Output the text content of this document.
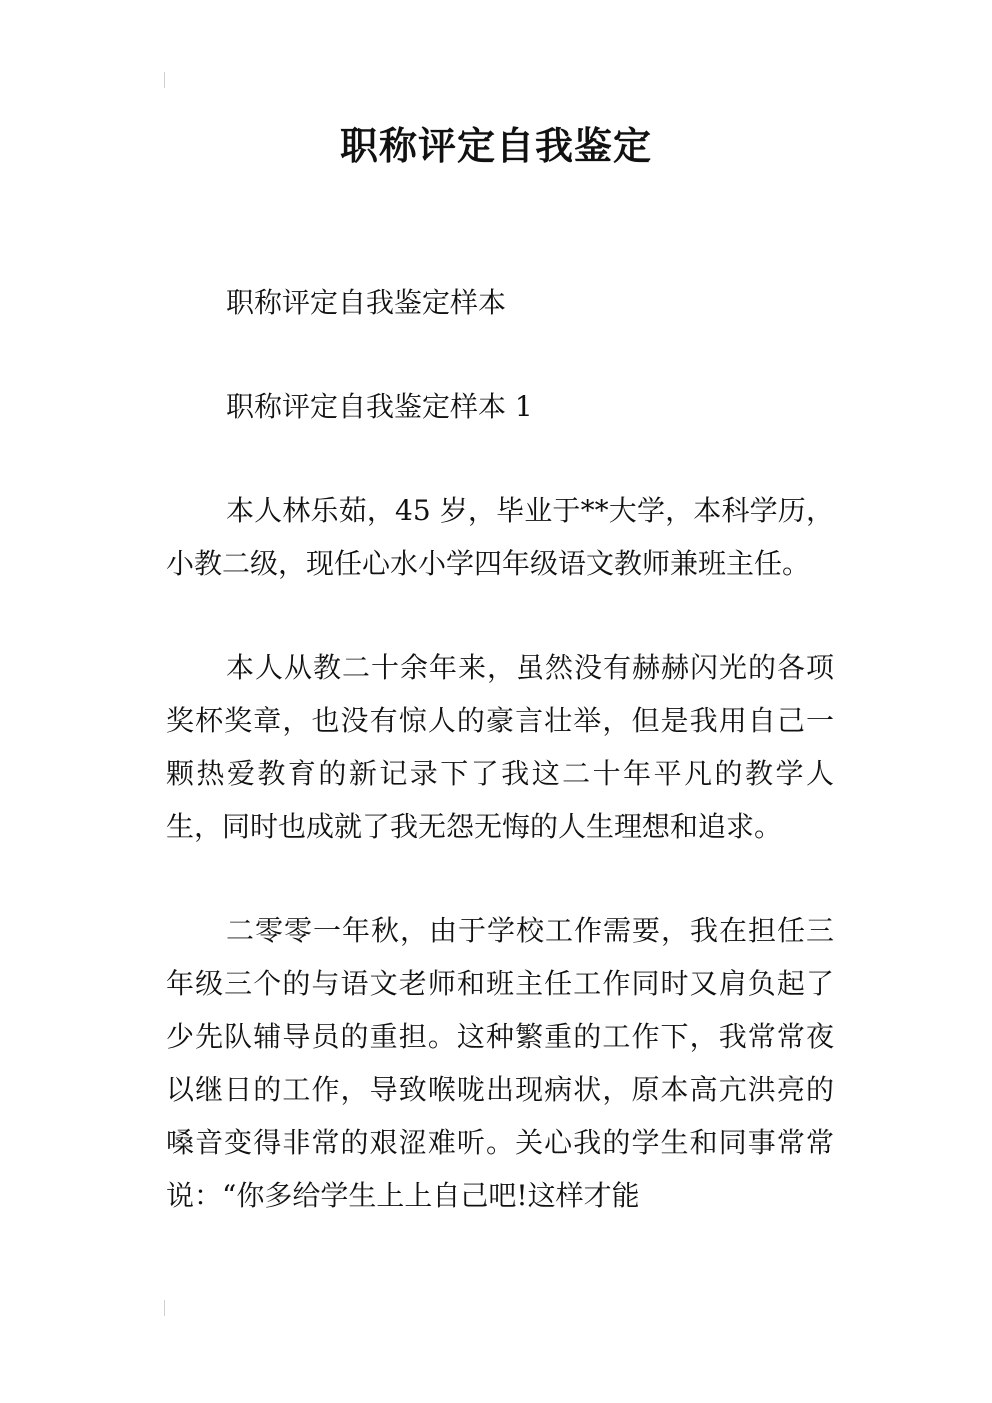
职称评定自我鉴定

职称评定自我鉴定样本

职称评定自我鉴定样本 1

本人林乐茹，45 岁，毕业于**大学，本科学历，小教二级，现任心水小学四年级语文教师兼班主任。

本人从教二十余年来，虽然没有赫赫闪光的各项奖杯奖章，也没有惊人的豪言壮举，但是我用自己一颗热爱教育的新记录下了我这二十年平凡的教学人生，同时也成就了我无怨无悔的人生理想和追求。

二零零一年秋，由于学校工作需要，我在担任三年级三个的与语文老师和班主任工作同时又肩负起了少先队辅导员的重担。这种繁重的工作下，我常常夜以继日的工作，导致喉咙出现病状，原本高亢洪亮的嗓音变得非常的艰涩难听。关心我的学生和同事常常说：“你多给学生上上自己吧!这样才能
